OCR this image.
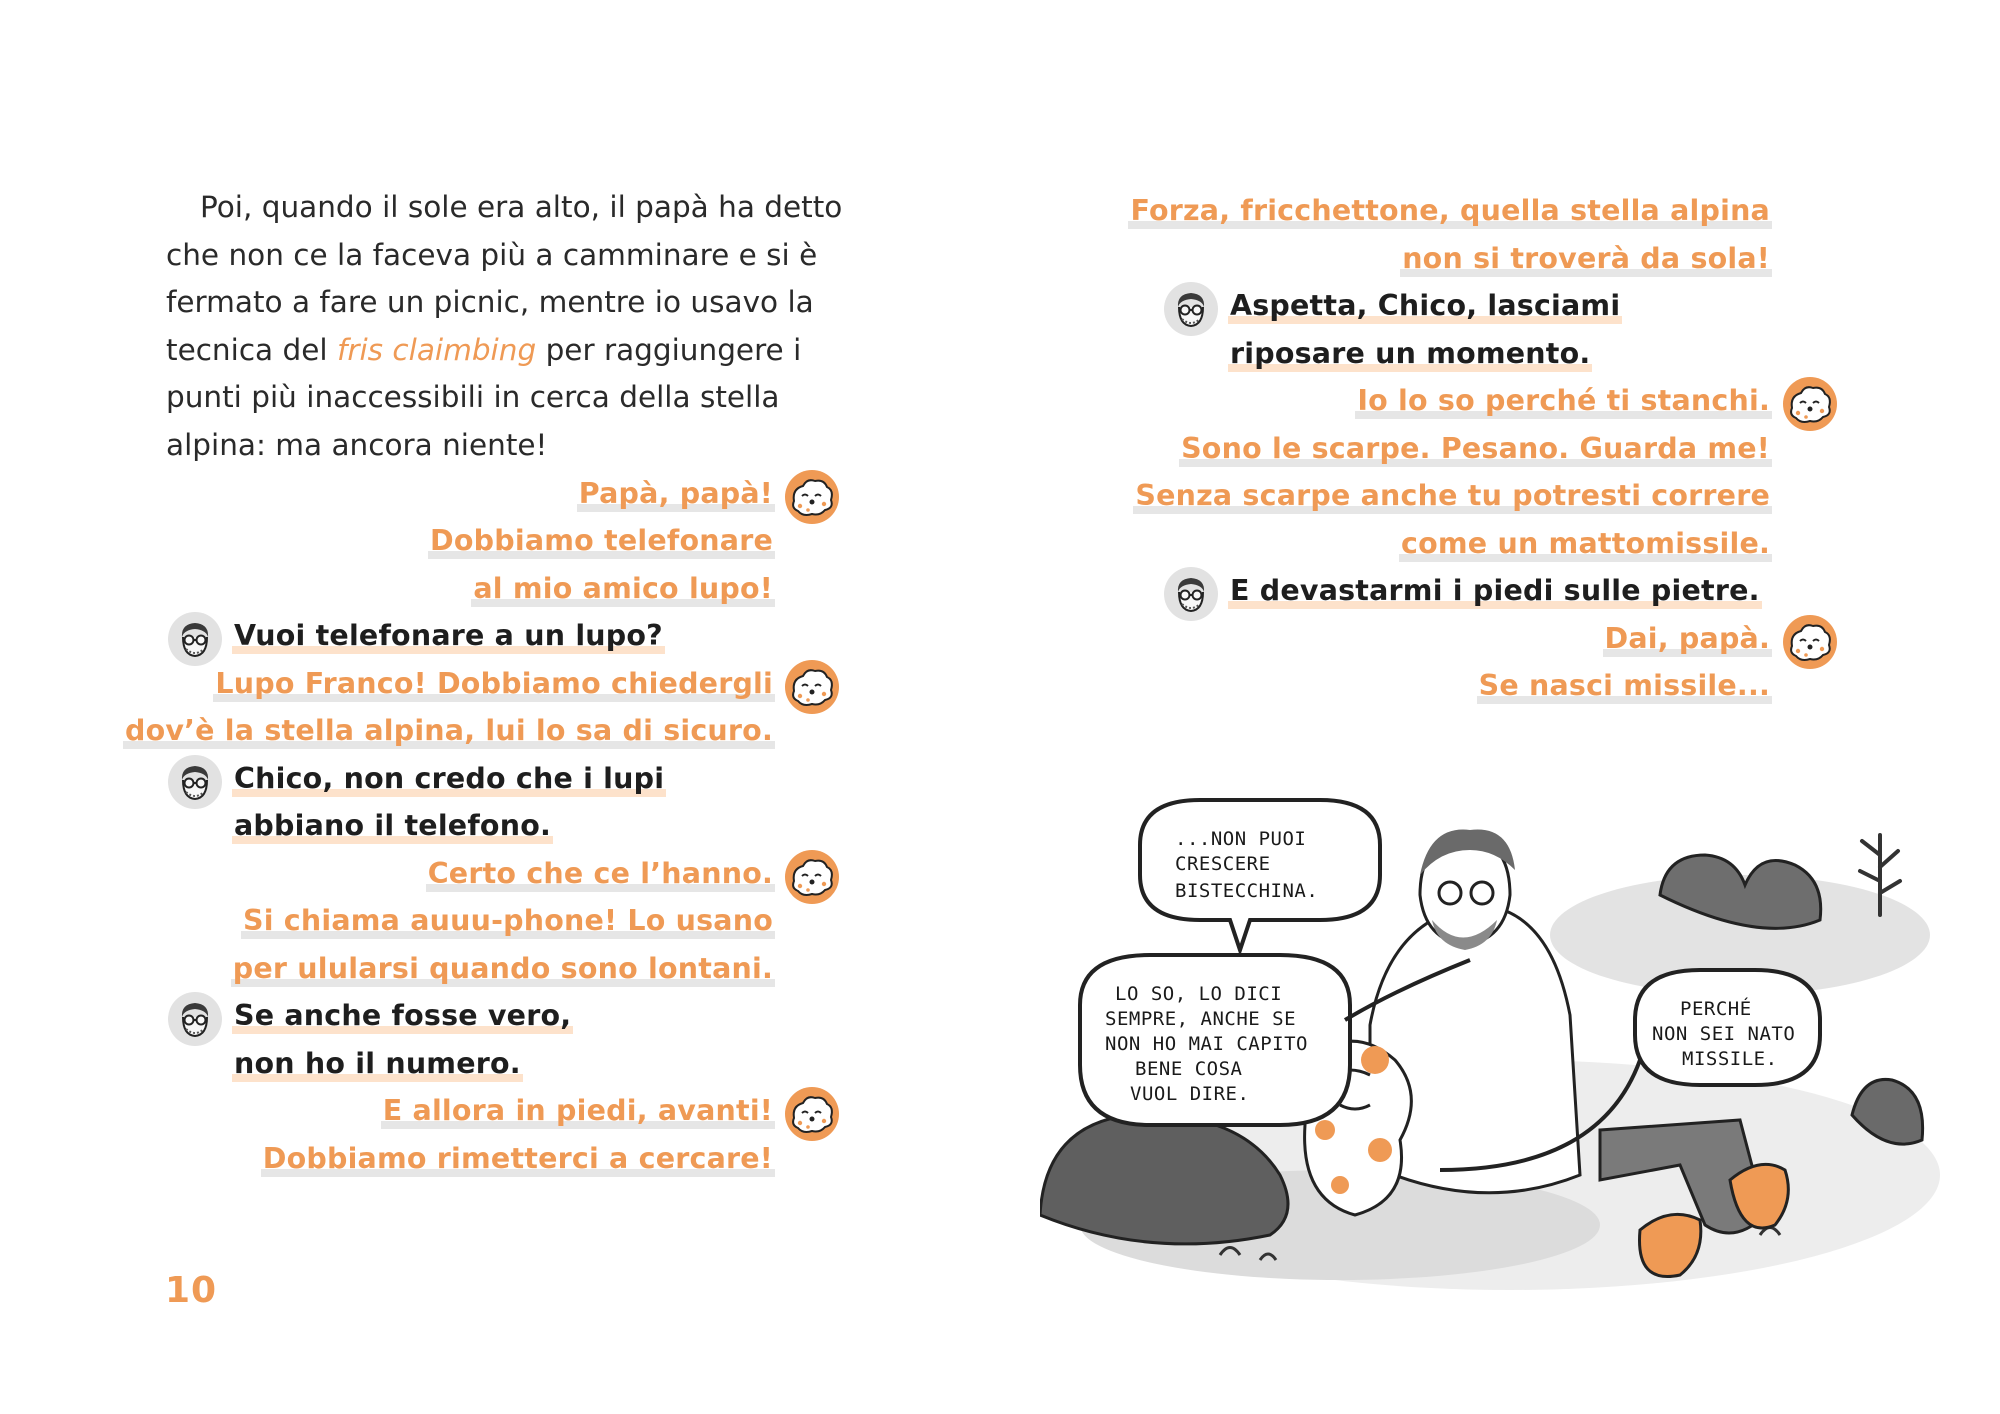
Poi, quando il sole era alto, il papà ha detto che non ce la faceva più a camminare e si è fermato a fare un picnic, mentre io usavo la tecnica del fris claimbing per raggiungere i punti più inaccessibili in cerca della stella alpina: ma ancora niente!

Papà, papà!
Dobbiamo telefonare
al mio amico lupo!
Vuoi telefonare a un lupo?
Lupo Franco! Dobbiamo chiedergli
dov’è la stella alpina, lui lo sa di sicuro.
Chico, non credo che i lupi
abbiano il telefono.
Certo che ce l’hanno.
Si chiama auuu-phone! Lo usano
per ulularsi quando sono lontani.
Se anche fosse vero,
non ho il numero.
E allora in piedi, avanti!
Dobbiamo rimetterci a cercare!
10
Forza, fricchettone, quella stella alpina
non si troverà da sola!
Aspetta, Chico, lasciami
riposare un momento.
Io lo so perché ti stanchi.
Sono le scarpe. Pesano. Guarda me!
Senza scarpe anche tu potresti correre
come un mattomissile.
E devastarmi i piedi sulle pietre.
Dai, papà.
Se nasci missile...
...NON PUOI CRESCERE BISTECCHINA.
LO SO, LO DICI SEMPRE, ANCHE SE NON HO MAI CAPITO BENE COSA VUOL DIRE.
PERCHÉ NON SEI NATO MISSILE.
